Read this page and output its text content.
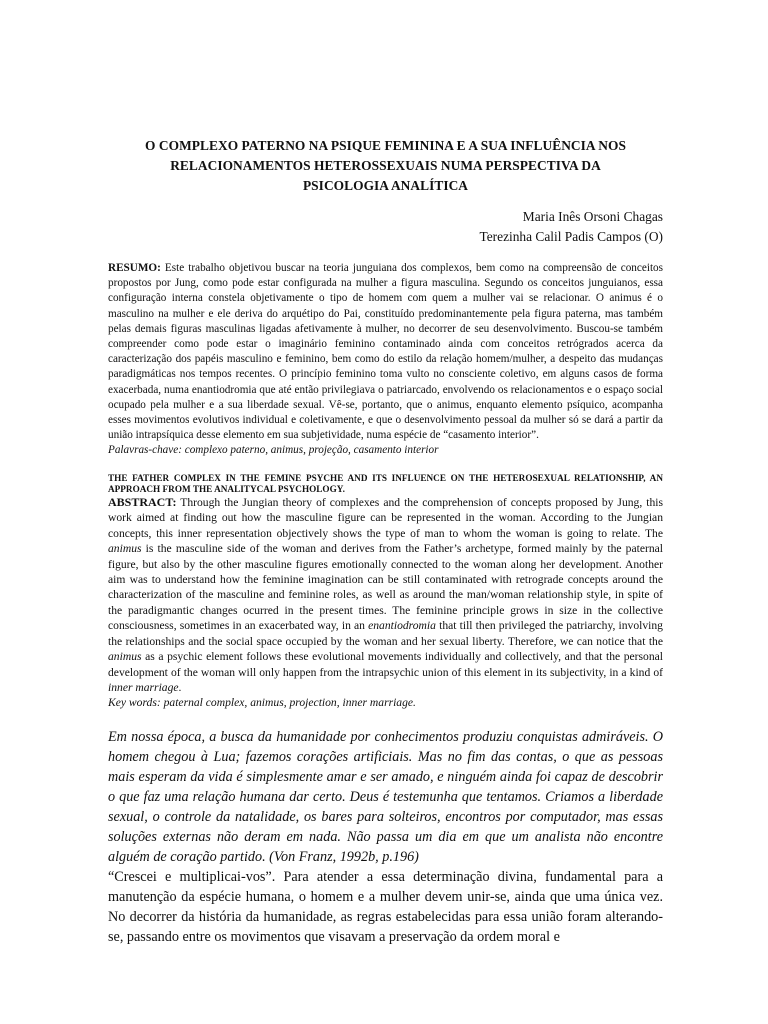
O COMPLEXO PATERNO NA PSIQUE FEMININA E A SUA INFLUÊNCIA NOS
RELACIONAMENTOS HETEROSSEXUAIS NUMA PERSPECTIVA DA
PSICOLOGIA ANALÍTICA
Maria Inês Orsoni Chagas
Terezinha Calil Padis Campos (O)
RESUMO: Este trabalho objetivou buscar na teoria junguiana dos complexos, bem como na compreensão de conceitos propostos por Jung, como pode estar configurada na mulher a figura masculina. Segundo os conceitos junguianos, essa configuração interna constela objetivamente o tipo de homem com quem a mulher vai se relacionar. O animus é o masculino na mulher e ele deriva do arquétipo do Pai, constituído predominantemente pela figura paterna, mas também pelas demais figuras masculinas ligadas afetivamente à mulher, no decorrer de seu desenvolvimento. Buscou-se também compreender como pode estar o imaginário feminino contaminado ainda com conceitos retrógrados acerca da caracterização dos papéis masculino e feminino, bem como do estilo da relação homem/mulher, a despeito das mudanças paradigmáticas nos tempos recentes. O princípio feminino toma vulto no consciente coletivo, em alguns casos de forma exacerbada, numa enantiodromia que até então privilegiava o patriarcado, envolvendo os relacionamentos e o espaço social ocupado pela mulher e a sua liberdade sexual. Vê-se, portanto, que o animus, enquanto elemento psíquico, acompanha esses movimentos evolutivos individual e coletivamente, e que o desenvolvimento pessoal da mulher só se dará a partir da união intrapsíquica desse elemento em sua subjetividade, numa espécie de “casamento interior”.
Palavras-chave: complexo paterno, animus, projeção, casamento interior
THE FATHER COMPLEX IN THE FEMINE PSYCHE AND ITS INFLUENCE ON THE HETEROSEXUAL RELATIONSHIP, AN APPROACH FROM THE ANALITYCAL PSYCHOLOGY.
ABSTRACT: Through the Jungian theory of complexes and the comprehension of concepts proposed by Jung, this work aimed at finding out how the masculine figure can be represented in the woman. According to the Jungian concepts, this inner representation objectively shows the type of man to whom the woman is going to relate. The animus is the masculine side of the woman and derives from the Father’s archetype, formed mainly by the paternal figure, but also by the other masculine figures emotionally connected to the woman along her development. Another aim was to understand how the feminine imagination can be still contaminated with retrograde concepts around the characterization of the masculine and feminine roles, as well as around the man/woman relationship style, in spite of the paradigmantic changes ocurred in the present times. The feminine principle grows in size in the collective consciousness, sometimes in an exacerbated way, in an enantiodromia that till then privileged the patriarchy, involving the relationships and the social space occupied by the woman and her sexual liberty. Therefore, we can notice that the animus as a psychic element follows these evolutional movements individually and collectively, and that the personal development of the woman will only happen from the intrapsychic union of this element in its subjectivity, in a kind of inner marriage.
Key words: paternal complex, animus, projection, inner marriage.
Em nossa época, a busca da humanidade por conhecimentos produziu conquistas admiráveis. O homem chegou à Lua; fazemos corações artificiais. Mas no fim das contas, o que as pessoas mais esperam da vida é simplesmente amar e ser amado, e ninguém ainda foi capaz de descobrir o que faz uma relação humana dar certo. Deus é testemunha que tentamos. Criamos a liberdade sexual, o controle da natalidade, os bares para solteiros, encontros por computador, mas essas soluções externas não deram em nada. Não passa um dia em que um analista não encontre alguém de coração partido. (Von Franz, 1992b, p.196)
“Crescei e multiplicai-vos”. Para atender a essa determinação divina, fundamental para a manutenção da espécie humana, o homem e a mulher devem unir-se, ainda que uma única vez. No decorrer da história da humanidade, as regras estabelecidas para essa união foram alterando-se, passando entre os movimentos que visavam a preservação da ordem moral e
